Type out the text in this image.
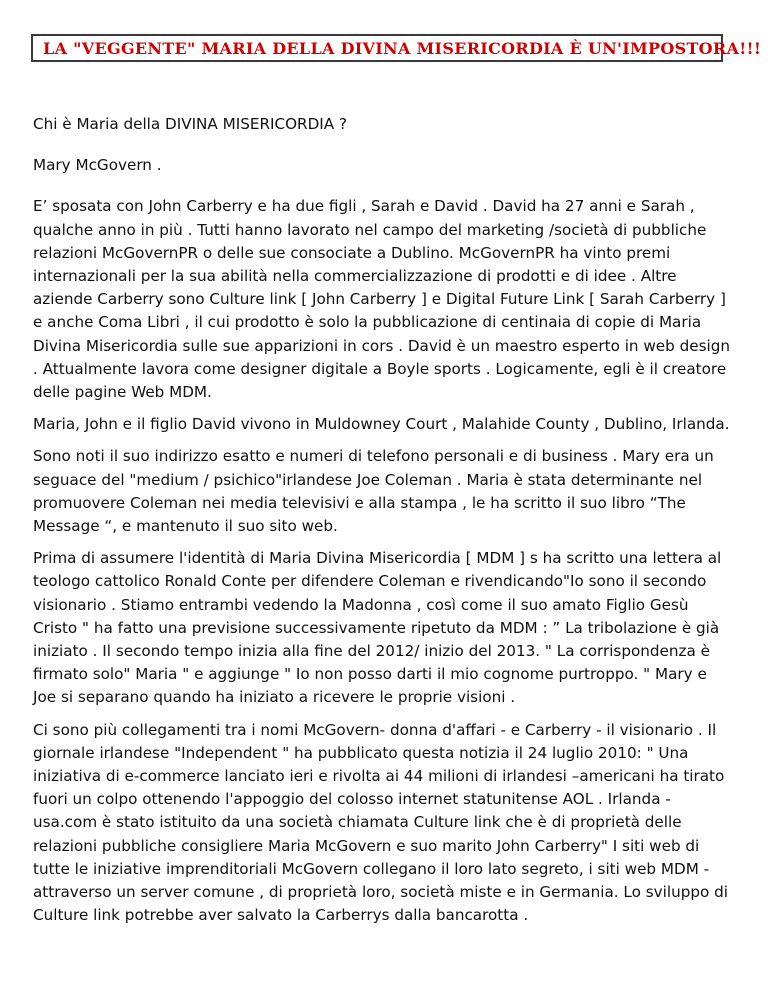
LA "VEGGENTE" MARIA DELLA DIVINA MISERICORDIA È UN'IMPOSTORA!!!

Chi è Maria della DIVINA MISERICORDIA ?

Mary McGovern .

E’ sposata con John Carberry e ha due figli , Sarah e David . David ha 27 anni e Sarah , qualche anno in più . Tutti hanno lavorato nel campo del marketing /società di pubbliche relazioni McGovernPR o delle sue consociate a Dublino. McGovernPR ha vinto premi internazionali per la sua abilità nella commercializzazione di prodotti e di idee . Altre aziende Carberry sono Culture link [ John Carberry ] e Digital Future Link [ Sarah Carberry ] e anche Coma Libri , il cui prodotto è solo la pubblicazione di centinaia di copie di Maria Divina Misericordia sulle sue apparizioni in cors . David è un maestro esperto in web design . Attualmente lavora come designer digitale a Boyle sports . Logicamente, egli è il creatore delle pagine Web MDM.

Maria, John e il figlio David vivono in Muldowney Court , Malahide County , Dublino, Irlanda.

Sono noti il suo indirizzo esatto e numeri di telefono personali e di business . Mary era un seguace del "medium / psichico"irlandese Joe Coleman . Maria è stata determinante nel promuovere Coleman nei media televisivi e alla stampa , le ha scritto il suo libro “The Message “, e mantenuto il suo sito web.

Prima di assumere l'identità di Maria Divina Misericordia [ MDM ] s ha scritto una lettera al teologo cattolico Ronald Conte per difendere Coleman e rivendicando"Io sono il secondo visionario . Stiamo entrambi vedendo la Madonna , così come il suo amato Figlio Gesù Cristo " ha fatto una previsione successivamente ripetuto da MDM : ” La tribolazione è già iniziato . Il secondo tempo inizia alla fine del 2012/ inizio del 2013. " La corrispondenza è firmato solo" Maria " e aggiunge " Io non posso darti il mio cognome purtroppo. " Mary e Joe si separano quando ha iniziato a ricevere le proprie visioni .

Ci sono più collegamenti tra i nomi McGovern- donna d'affari - e Carberry - il visionario . Il giornale irlandese "Independent " ha pubblicato questa notizia il 24 luglio 2010: " Una iniziativa di e-commerce lanciato ieri e rivolta ai 44 milioni di irlandesi –americani ha tirato fuori un colpo ottenendo l'appoggio del colosso internet statunitense AOL . Irlanda - usa.com è stato istituito da una società chiamata Culture link che è di proprietà delle relazioni pubbliche consigliere Maria McGovern e suo marito John Carberry" I siti web di tutte le iniziative imprenditoriali McGovern collegano il loro lato segreto, i siti web MDM - attraverso un server comune , di proprietà loro, società miste e in Germania. Lo sviluppo di Culture link potrebbe aver salvato la Carberrys dalla bancarotta .
